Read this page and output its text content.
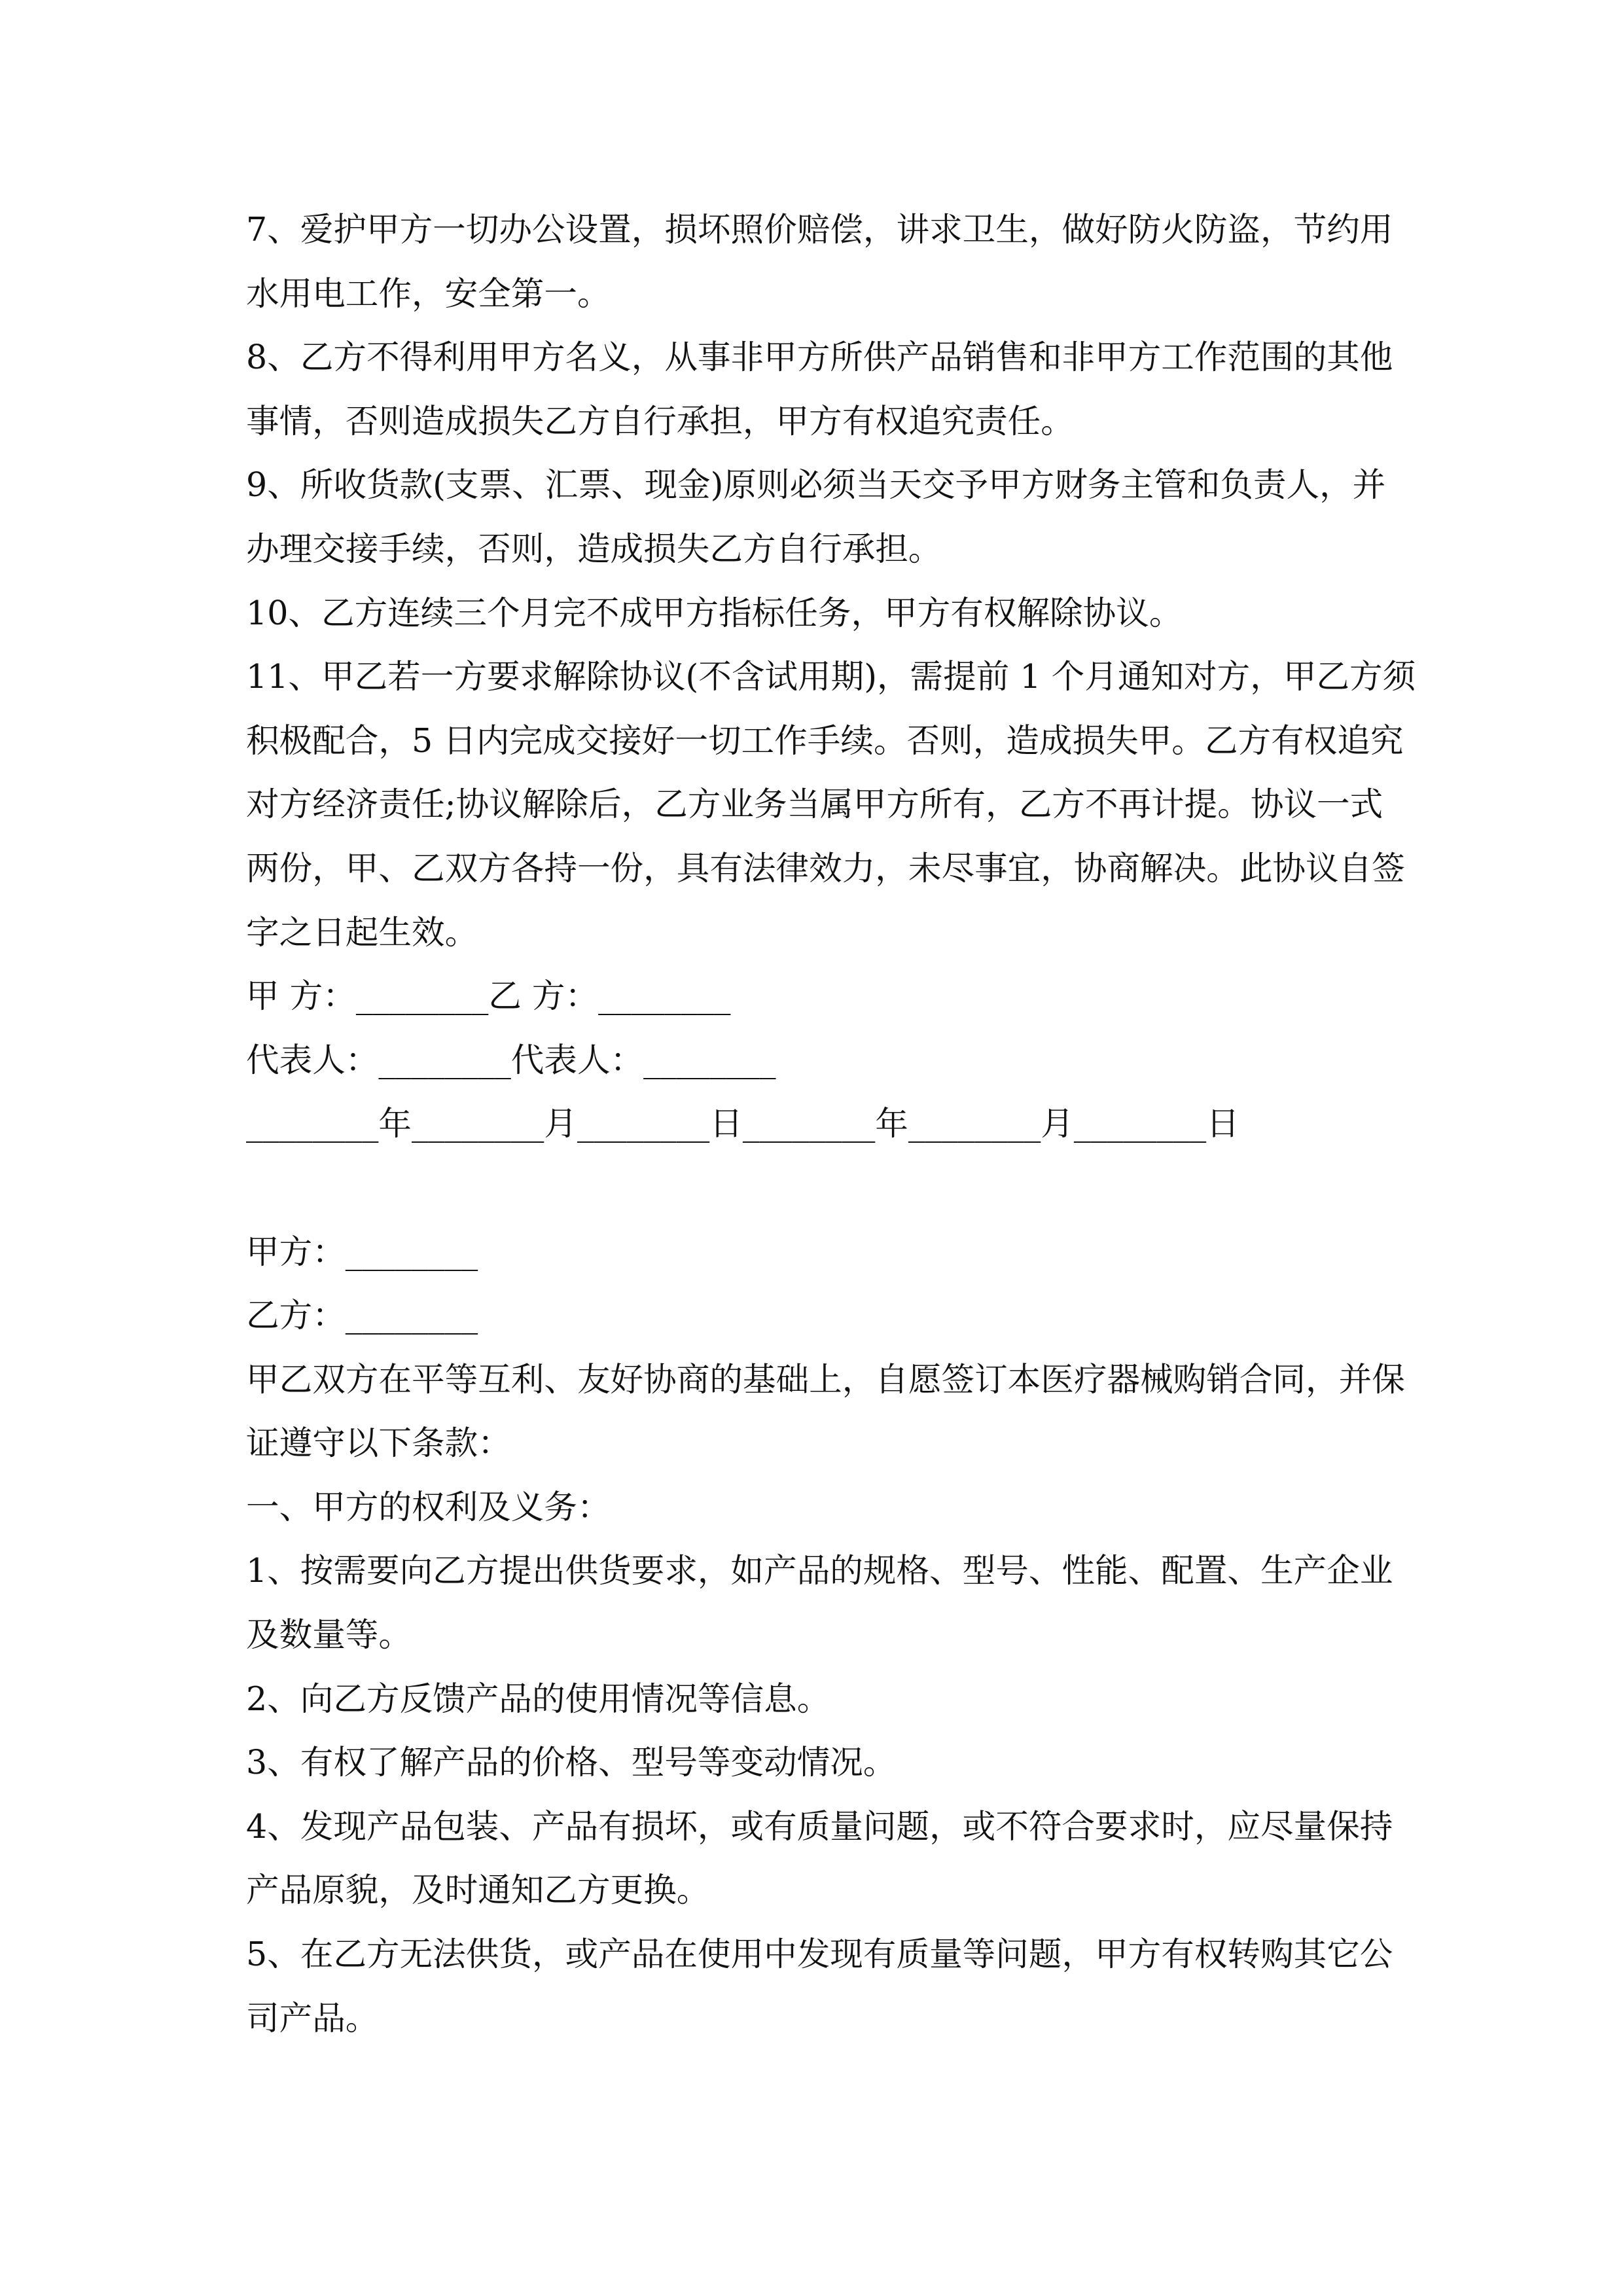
7、爱护甲方一切办公设置，损坏照价赔偿，讲求卫生，做好防火防盗，节约用
水用电工作，安全第一。
8、乙方不得利用甲方名义，从事非甲方所供产品销售和非甲方工作范围的其他
事情，否则造成损失乙方自行承担，甲方有权追究责任。
9、所收货款(支票、汇票、现金)原则必须当天交予甲方财务主管和负责人，并
办理交接手续，否则，造成损失乙方自行承担。
10、乙方连续三个月完不成甲方指标任务，甲方有权解除协议。
11、甲乙若一方要求解除协议(不含试用期)，需提前 1 个月通知对方，甲乙方须
积极配合，5 日内完成交接好一切工作手续。否则，造成损失甲。乙方有权追究
对方经济责任;协议解除后，乙方业务当属甲方所有，乙方不再计提。协议一式
两份，甲、乙双方各持一份，具有法律效力，未尽事宜，协商解决。此协议自签
字之日起生效。
甲 方：________乙 方：________
代表人：________代表人：________
________年________月________日________年________月________日
甲方：________
乙方：________
甲乙双方在平等互利、友好协商的基础上，自愿签订本医疗器械购销合同，并保
证遵守以下条款：
一、甲方的权利及义务：
1、按需要向乙方提出供货要求，如产品的规格、型号、性能、配置、生产企业
及数量等。
2、向乙方反馈产品的使用情况等信息。
3、有权了解产品的价格、型号等变动情况。
4、发现产品包装、产品有损坏，或有质量问题，或不符合要求时，应尽量保持
产品原貌，及时通知乙方更换。
5、在乙方无法供货，或产品在使用中发现有质量等问题，甲方有权转购其它公
司产品。
